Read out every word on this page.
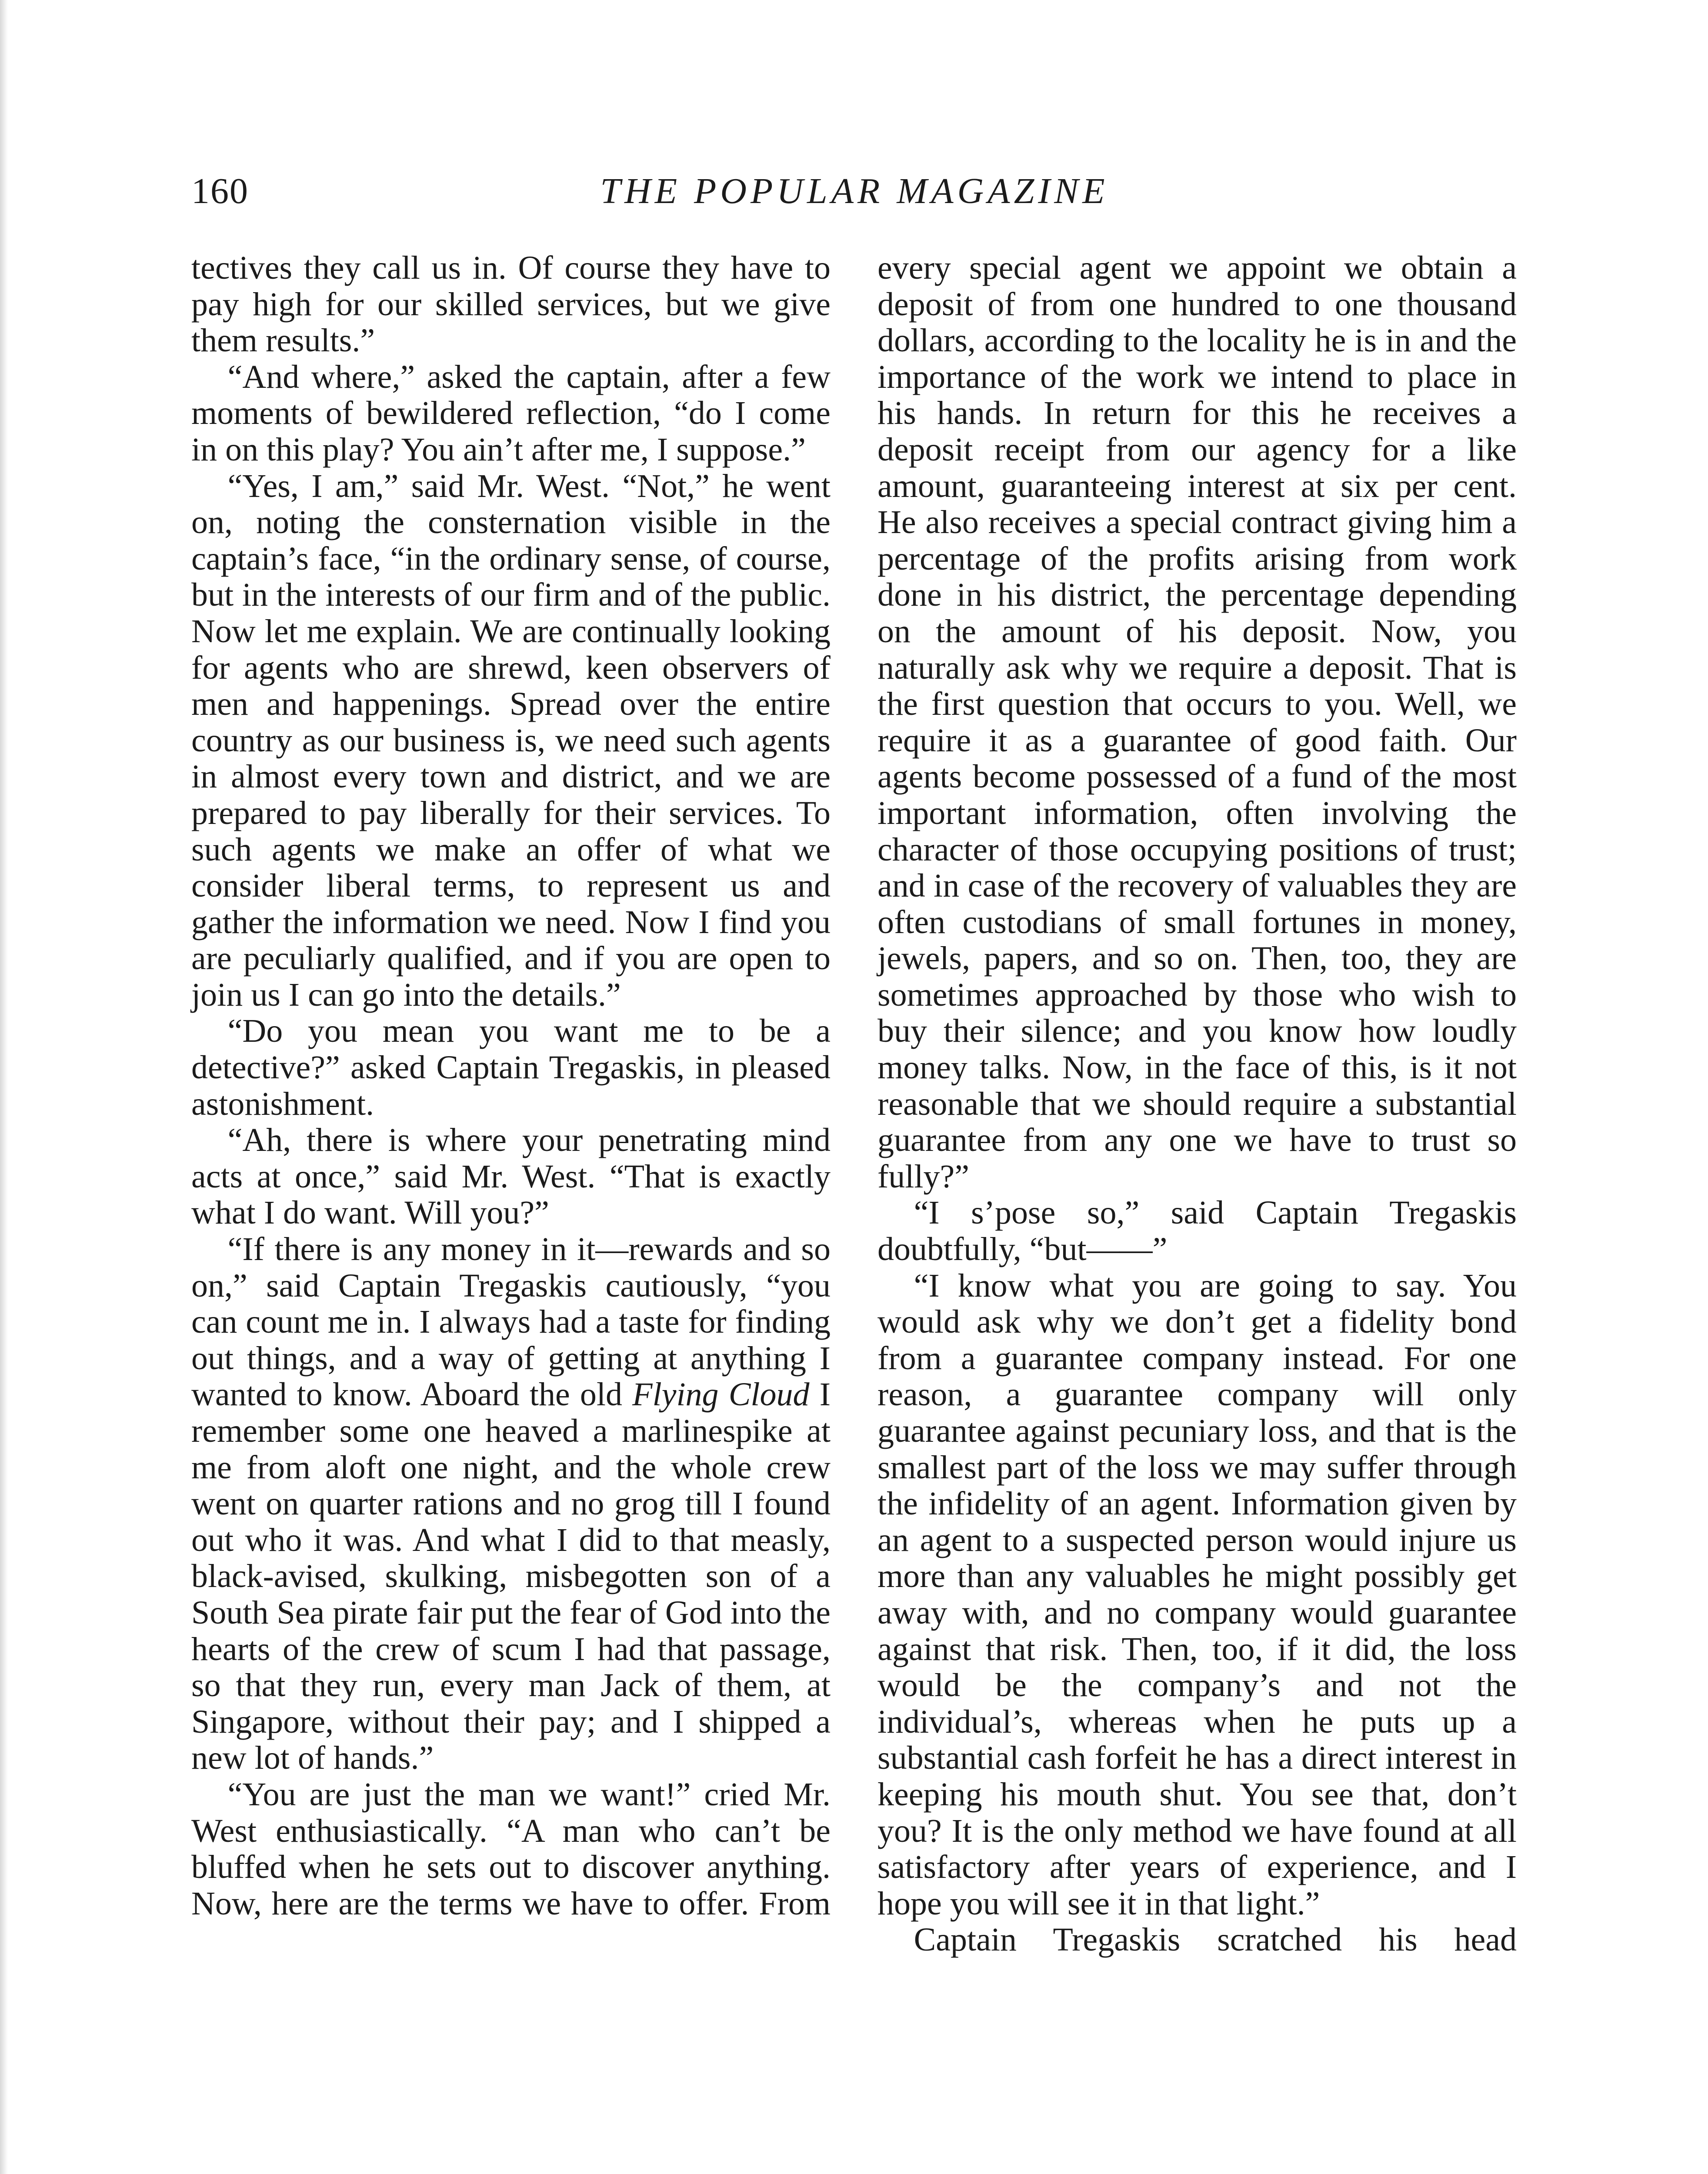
160	THE POPULAR MAGAZINE

tectives they call us in. Of course they have to pay high for our skilled services, but we give them results.”

“And where,” asked the captain, after a few moments of bewildered reflection, “do I come in on this play? You ain’t after me, I suppose.”

“Yes, I am,” said Mr. West. “Not,” he went on, noting the consternation visible in the captain’s face, “in the ordinary sense, of course, but in the interests of our firm and of the public. Now let me explain. We are continually looking for agents who are shrewd, keen observers of men and happenings. Spread over the entire country as our business is, we need such agents in almost every town and district, and we are prepared to pay liberally for their services. To such agents we make an offer of what we consider liberal terms, to represent us and gather the information we need. Now I find you are peculiarly qualified, and if you are open to join us I can go into the details.”

“Do you mean you want me to be a detective?” asked Captain Tregaskis, in pleased astonishment.

“Ah, there is where your penetrating mind acts at once,” said Mr. West. “That is exactly what I do want. Will you?”

“If there is any money in it—rewards and so on,” said Captain Tregaskis cautiously, “you can count me in. I always had a taste for finding out things, and a way of getting at anything I wanted to know. Aboard the old Flying Cloud I remember some one heaved a marlinespike at me from aloft one night, and the whole crew went on quarter rations and no grog till I found out who it was. And what I did to that measly, black-avised, skulking, misbegotten son of a South Sea pirate fair put the fear of God into the hearts of the crew of scum I had that passage, so that they run, every man Jack of them, at Singapore, without their pay; and I shipped a new lot of hands.”

“You are just the man we want!” cried Mr. West enthusiastically. “A man who can’t be bluffed when he sets out to discover anything. Now, here are the terms we have to offer. From

every special agent we appoint we obtain a deposit of from one hundred to one thousand dollars, according to the locality he is in and the importance of the work we intend to place in his hands. In return for this he receives a deposit receipt from our agency for a like amount, guaranteeing interest at six per cent. He also receives a special contract giving him a percentage of the profits arising from work done in his district, the percentage depending on the amount of his deposit. Now, you naturally ask why we require a deposit. That is the first question that occurs to you. Well, we require it as a guarantee of good faith. Our agents become possessed of a fund of the most important information, often involving the character of those occupying positions of trust; and in case of the recovery of valuables they are often custodians of small fortunes in money, jewels, papers, and so on. Then, too, they are sometimes approached by those who wish to buy their silence; and you know how loudly money talks. Now, in the face of this, is it not reasonable that we should require a substantial guarantee from any one we have to trust so fully?”

“I s’pose so,” said Captain Tregaskis doubtfully, “but——”

“I know what you are going to say. You would ask why we don’t get a fidelity bond from a guarantee company instead. For one reason, a guarantee company will only guarantee against pecuniary loss, and that is the smallest part of the loss we may suffer through the infidelity of an agent. Information given by an agent to a suspected person would injure us more than any valuables he might possibly get away with, and no company would guarantee against that risk. Then, too, if it did, the loss would be the company’s and not the individual’s, whereas when he puts up a substantial cash forfeit he has a direct interest in keeping his mouth shut. You see that, don’t you? It is the only method we have found at all satisfactory after years of experience, and I hope you will see it in that light.”

Captain Tregaskis scratched his head
